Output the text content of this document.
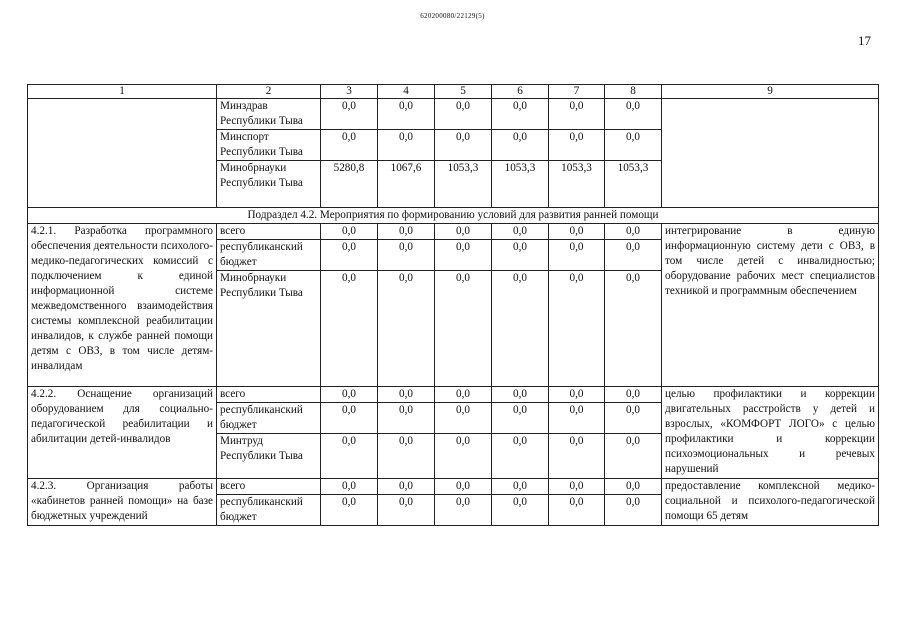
620200080/22129(5)
17
1	2	3	4	5	6	7	8	9
	Минздрав Республики Тыва	0,0	0,0	0,0	0,0	0,0	0,0	
	Минспорт Республики Тыва	0,0	0,0	0,0	0,0	0,0	0,0	
	Минобрнауки Республики Тыва	5280,8	1067,6	1053,3	1053,3	1053,3	1053,3	
Подраздел 4.2. Мероприятия по формированию условий для развития ранней помощи								
4.2.1. Разработка программного обеспечения деятельности психолого-медико-педагогических комиссий с подключением к единой информационной системе межведомственного взаимодействия системы комплексной реабилитации инвалидов, к службе ранней помощи детям с ОВЗ, в том числе детям-инвалидам	всего	0,0	0,0	0,0	0,0	0,0	0,0	интегрирование в единую информационную систему дети с ОВЗ, в том числе детей с инвалидностью; оборудование рабочих мест специалистов техникой и программным обеспечением
	республиканский бюджет	0,0	0,0	0,0	0,0	0,0	0,0	
	Минобрнауки Республики Тыва	0,0	0,0	0,0	0,0	0,0	0,0	
4.2.2. Оснащение организаций оборудованием для социально-педагогической реабилитации и абилитации детей-инвалидов	всего	0,0	0,0	0,0	0,0	0,0	0,0	целью профилактики и коррекции двигательных расстройств у детей и взрослых, «КОМФОРТ ЛОГО» с целью профилактики и коррекции психоэмоциональных и речевых нарушений
	республиканский бюджет	0,0	0,0	0,0	0,0	0,0	0,0	
	Минтруд Республики Тыва	0,0	0,0	0,0	0,0	0,0	0,0	
4.2.3. Организация работы «кабинетов ранней помощи» на базе бюджетных учреждений	всего	0,0	0,0	0,0	0,0	0,0	0,0	предоставление комплексной медико-социальной и психолого-педагогической помощи 65 детям
	республиканский бюджет	0,0	0,0	0,0	0,0	0,0	0,0	
